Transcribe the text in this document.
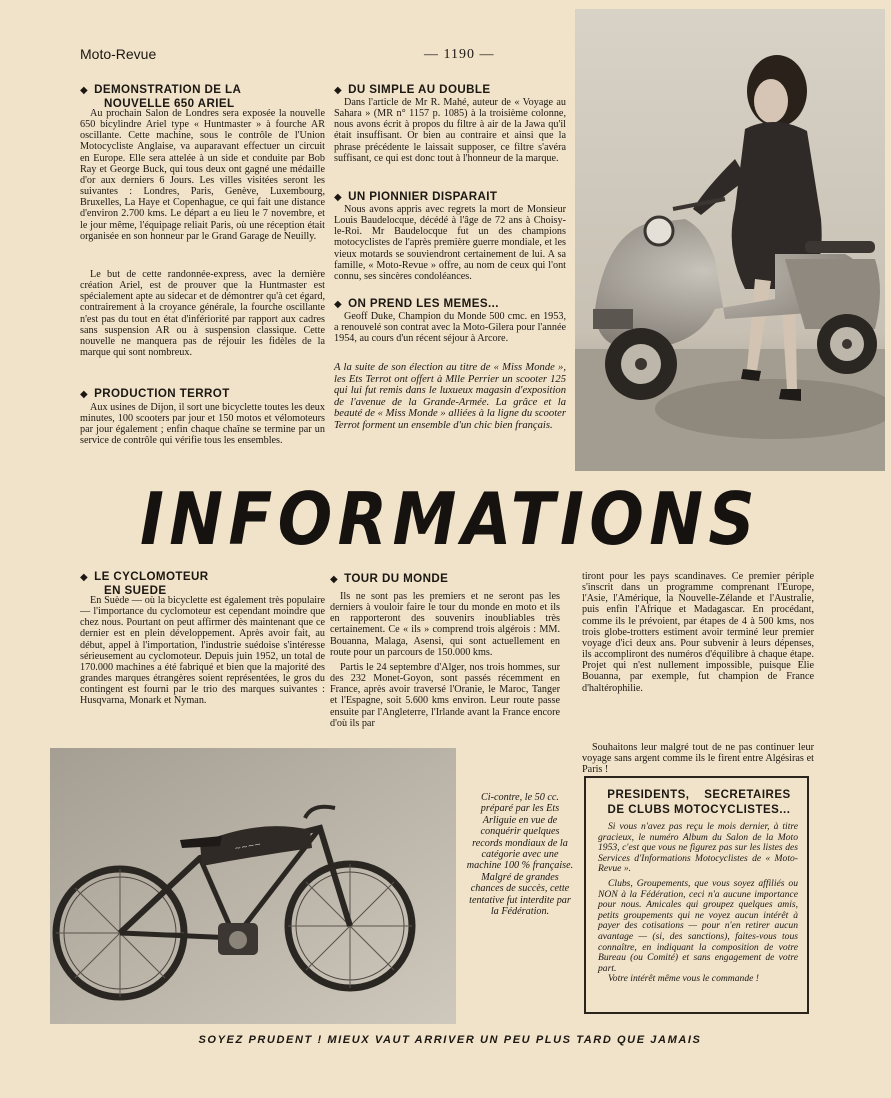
Moto-Revue	— 1190 —
◆ DEMONSTRATION DE LA
NOUVELLE 650 ARIEL

Au prochain Salon de Londres sera exposée la nouvelle 650 bicylindre Ariel type « Huntmaster » à fourche AR oscillante. Cette machine, sous le contrôle de l'Union Motocycliste Anglaise, va auparavant effectuer un circuit en Europe. Elle sera attelée à un side et conduite par Bob Ray et George Buck, qui tous deux ont gagné une médaille d'or aux derniers 6 Jours. Les villes visitées seront les suivantes : Londres, Paris, Genève, Luxembourg, Bruxelles, La Haye et Copenhague, ce qui fait une distance d'environ 2.700 kms. Le départ a eu lieu le 7 novembre, et le jour même, l'équipage reliait Paris, où une réception était organisée en son honneur par le Grand Garage de Neuilly.

Le but de cette randonnée-express, avec la dernière création Ariel, est de prouver que la Huntmaster est spécialement apte au sidecar et de démontrer qu'à cet égard, contrairement à la croyance générale, la fourche oscillante n'est pas du tout en état d'infériorité par rapport aux cadres sans suspension AR ou à suspension classique. Cette nouvelle ne manquera pas de réjouir les fidèles de la marque qui sont nombreux.

◆ PRODUCTION TERROT

Aux usines de Dijon, il sort une bicyclette toutes les deux minutes, 100 scooters par jour et 150 motos et vélomoteurs par jour également ; enfin chaque chaîne se termine par un service de contrôle qui vérifie tous les ensembles.

◆ DU SIMPLE AU DOUBLE

Dans l'article de Mr R. Mahé, auteur de « Voyage au Sahara » (MR n° 1157 p. 1085) à la troisième colonne, nous avons écrit à propos du filtre à air de la Jawa qu'il était insuffisant. Or bien au contraire et ainsi que la phrase précédente le laissait supposer, ce filtre s'avéra suffisant, ce qui est donc tout à l'honneur de la marque.

◆ UN PIONNIER DISPARAIT

Nous avons appris avec regrets la mort de Monsieur Louis Baudelocque, décédé à l'âge de 72 ans à Choisy-le-Roi. Mr Baudelocque fut un des champions motocyclistes de l'après première guerre mondiale, et les vieux motards se souviendront certainement de lui. A sa famille, « Moto-Revue » offre, au nom de ceux qui l'ont connu, ses sincères condoléances.

◆ ON PREND LES MEMES...

Geoff Duke, Champion du Monde 500 cmc. en 1953, a renouvelé son contrat avec la Moto-Gilera pour l'année 1954, au cours d'un récent séjour à Arcore.

A la suite de son élection au titre de « Miss Monde », les Ets Terrot ont offert à Mlle Perrier un scooter 125 qui lui fut remis dans le luxueux magasin d'exposition de l'avenue de la Grande-Armée. La grâce et la beauté de « Miss Monde » alliées à la ligne du scooter Terrot forment un ensemble d'un chic bien français.

INFORMATIONS
◆ LE CYCLOMOTEUR
EN SUEDE

En Suède — où la bicyclette est également très populaire — l'importance du cyclomoteur est cependant moindre que chez nous. Pourtant on peut affirmer dès maintenant que ce dernier est en plein développement. Après avoir fait, au début, appel à l'importation, l'industrie suédoise s'intéresse sérieusement au cyclomoteur. Depuis juin 1952, un total de 170.000 machines a été fabriqué et bien que la majorité des grandes marques étrangères soient représentées, le gros du contingent est fourni par le trio des marques suivantes : Husqvarna, Monark et Nyman.

◆ TOUR DU MONDE

Ils ne sont pas les premiers et ne seront pas les derniers à vouloir faire le tour du monde en moto et ils en rapporteront des souvenirs inoubliables très certainement. Ce « ils » comprend trois algérois : MM. Bouanna, Malaga, Asensi, qui sont actuellement en route pour un parcours de 150.000 kms.

Partis le 24 septembre d'Alger, nos trois hommes, sur des 232 Monet-Goyon, sont passés récemment en France, après avoir traversé l'Oranie, le Maroc, Tanger et l'Espagne, soit 5.600 kms environ. Leur route passe ensuite par l'Angleterre, l'Irlande avant la France encore d'où ils par

tiront pour les pays scandinaves. Ce premier périple s'inscrit dans un programme comprenant l'Europe, l'Asie, l'Amérique, la Nouvelle-Zélande et l'Australie, puis enfin l'Afrique et Madagascar. En procédant, comme ils le prévoient, par étapes de 4 à 500 kms, nos trois globe-trotters estiment avoir terminé leur premier voyage d'ici deux ans. Pour subvenir à leurs dépenses, ils accompliront des numéros d'équilibre à chaque étape. Projet qui n'est nullement impossible, puisque Elie Bouanna, par exemple, fut champion de France d'haltérophilie.

Souhaitons leur malgré tout de ne pas continuer leur voyage sans argent comme ils le firent entre Algésiras et Paris !

~~~~

Ci-contre, le 50 cc. préparé par les Ets Arliguie en vue de conquérir quelques records mondiaux de la catégorie avec une machine 100 % française. Malgré de grandes chances de succès, cette tentative fut interdite par la Fédération.

PRESIDENTS,    SECRETAIRES
DE CLUBS MOTOCYCLISTES...

Si vous n'avez pas reçu le mois dernier, à titre gracieux, le numéro Album du Salon de la Moto 1953, c'est que vous ne figurez pas sur les listes des Services d'Informations Motocyclistes de « Moto-Revue ».

Clubs, Groupements, que vous soyez affiliés ou NON à la Fédération, ceci n'a aucune importance pour nous. Amicales qui groupez quelques amis, petits groupements qui ne voyez aucun intérêt à payer des cotisations — pour n'en retirer aucun avantage — (si, des sanctions), faites-vous tous connaître, en indiquant la composition de votre Bureau (ou Comité) et sans engagement de votre part.

Votre intérêt même vous le commande !

SOYEZ PRUDENT ! MIEUX VAUT ARRIVER UN PEU PLUS TARD QUE JAMAIS
